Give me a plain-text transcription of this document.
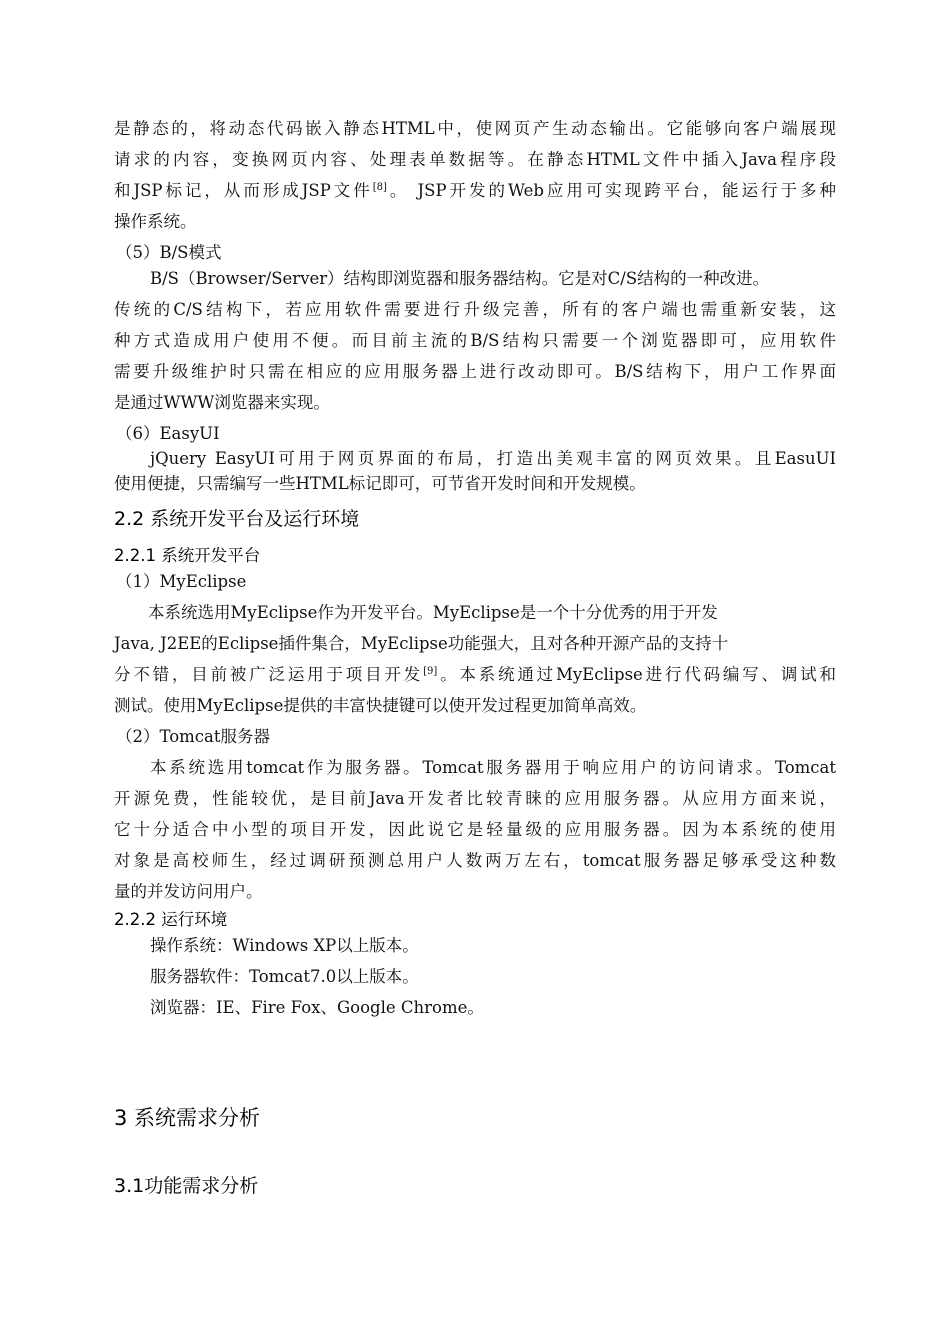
是静态的，将动态代码嵌入静态HTML中，使网页产生动态输出。它能够向客户端展现
请求的内容，变换网页内容、处理表单数据等。在静态HTML文件中插入Java程序段
和JSP标记，从而形成JSP文件[8]。 JSP开发的Web应用可实现跨平台，能运行于多种
操作系统。
（5）B/S模式
B/S（Browser/Server）结构即浏览器和服务器结构。它是对C/S结构的一种改进。
传统的C/S结构下，若应用软件需要进行升级完善，所有的客户端也需重新安装，这
种方式造成用户使用不便。而目前主流的B/S结构只需要一个浏览器即可，应用软件
需要升级维护时只需在相应的应用服务器上进行改动即可。B/S结构下，用户工作界面
是通过WWW浏览器来实现。
（6）EasyUI
jQuery EasyUI可用于网页界面的布局，打造出美观丰富的网页效果。且EasuUI
使用便捷，只需编写一些HTML标记即可，可节省开发时间和开发规模。
2.2 系统开发平台及运行环境
2.2.1 系统开发平台
（1）MyEclipse
本系统选用MyEclipse作为开发平台。MyEclipse是一个十分优秀的用于开发
Java, J2EE的Eclipse插件集合，MyEclipse功能强大，且对各种开源产品的支持十
分不错，目前被广泛运用于项目开发[9]。本系统通过MyEclipse进行代码编写、调试和
测试。使用MyEclipse提供的丰富快捷键可以使开发过程更加简单高效。
（2）Tomcat服务器
本系统选用tomcat作为服务器。Tomcat服务器用于响应用户的访问请求。Tomcat
开源免费，性能较优，是目前Java开发者比较青睐的应用服务器。从应用方面来说，
它十分适合中小型的项目开发，因此说它是轻量级的应用服务器。因为本系统的使用
对象是高校师生，经过调研预测总用户人数两万左右，tomcat服务器足够承受这种数
量的并发访问用户。
2.2.2 运行环境
操作系统：Windows XP以上版本。
服务器软件：Tomcat7.0以上版本。
浏览器：IE、Fire Fox、Google Chrome。
3 系统需求分析
3.1功能需求分析
